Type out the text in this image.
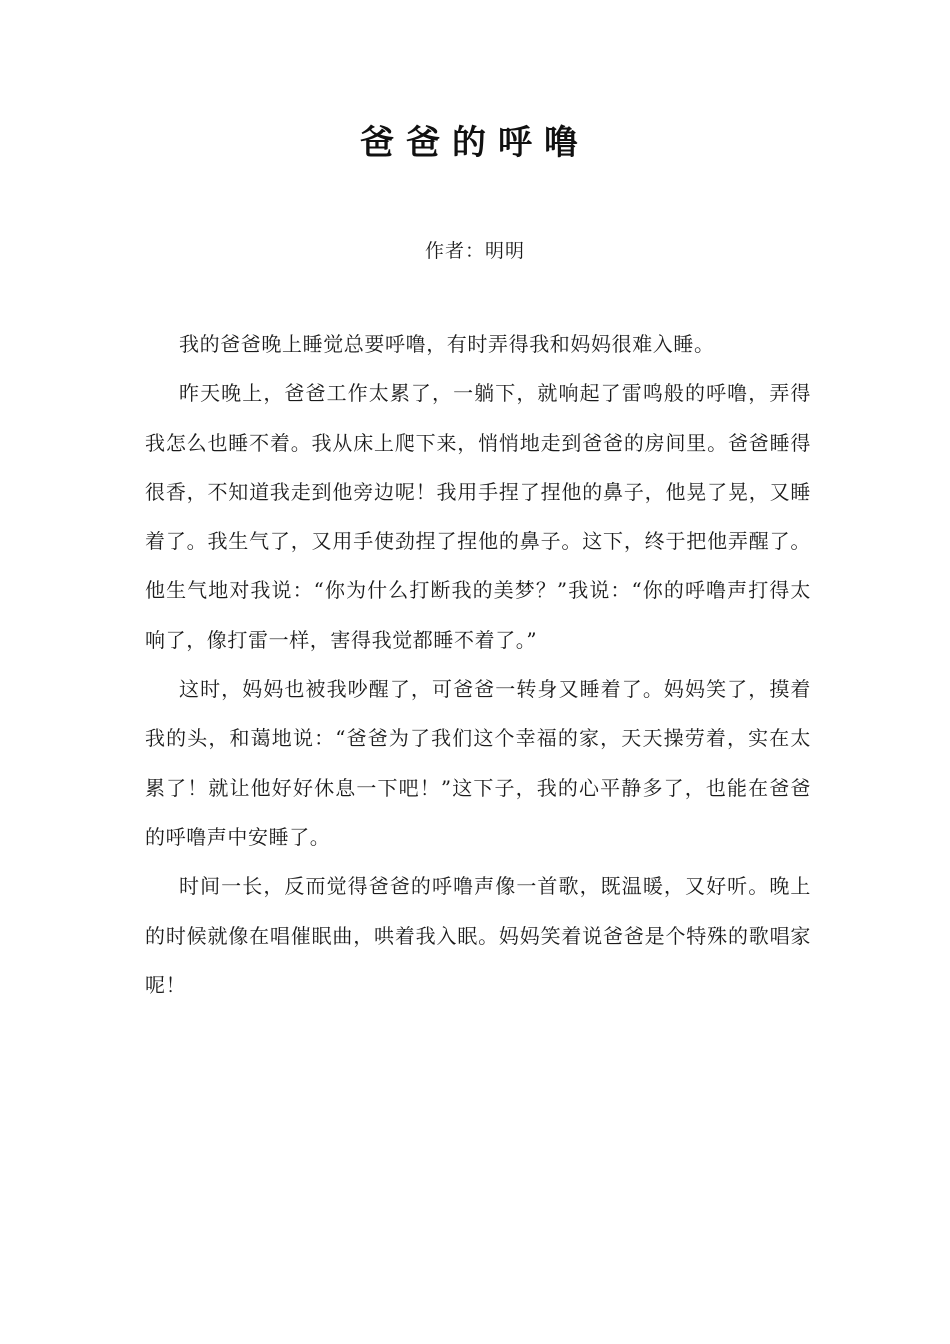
爸爸的呼噜
作者：明明

我的爸爸晚上睡觉总要呼噜，有时弄得我和妈妈很难入睡。

昨天晚上，爸爸工作太累了，一躺下，就响起了雷鸣般的呼噜，弄得我怎么也睡不着。我从床上爬下来，悄悄地走到爸爸的房间里。爸爸睡得很香，不知道我走到他旁边呢！我用手捏了捏他的鼻子，他晃了晃，又睡着了。我生气了，又用手使劲捏了捏他的鼻子。这下，终于把他弄醒了。他生气地对我说：“你为什么打断我的美梦？”我说：“你的呼噜声打得太响了，像打雷一样，害得我觉都睡不着了。”

这时，妈妈也被我吵醒了，可爸爸一转身又睡着了。妈妈笑了，摸着我的头，和蔼地说：“爸爸为了我们这个幸福的家，天天操劳着，实在太累了！就让他好好休息一下吧！”这下子，我的心平静多了，也能在爸爸的呼噜声中安睡了。

时间一长，反而觉得爸爸的呼噜声像一首歌，既温暖，又好听。晚上的时候就像在唱催眠曲，哄着我入眠。妈妈笑着说爸爸是个特殊的歌唱家呢！
